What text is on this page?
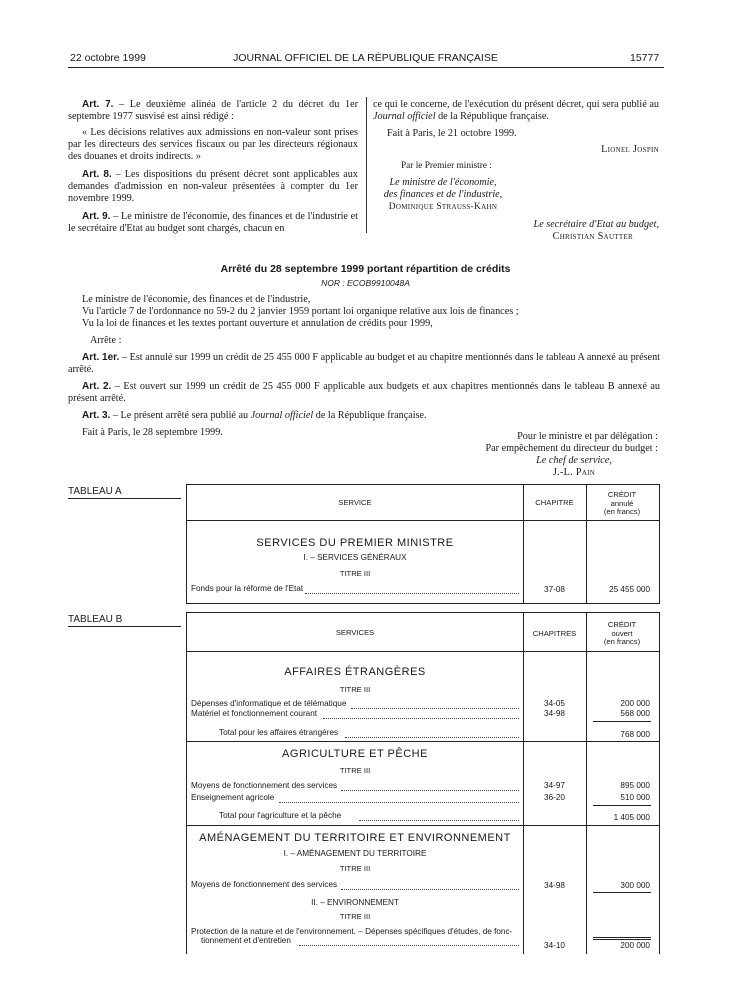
22 octobre 1999	JOURNAL OFFICIEL DE LA RÉPUBLIQUE FRANÇAISE	15777

Art. 7. – Le deuxième alinéa de l'article 2 du décret du 1er septembre 1977 susvisé est ainsi rédigé :

« Les décisions relatives aux admissions en non-valeur sont prises par les directeurs des services fiscaux ou par les directeurs régionaux des douanes et droits indirects. »

Art. 8. – Les dispositions du présent décret sont applicables aux demandes d'admission en non-valeur présentées à compter du 1er novembre 1999.

Art. 9. – Le ministre de l'économie, des finances et de l'industrie et le secrétaire d'Etat au budget sont chargés, chacun en

ce qui le concerne, de l'exécution du présent décret, qui sera publié au Journal officiel de la République française.

Fait à Paris, le 21 octobre 1999.

Lionel Jospin

Par le Premier ministre :

Le ministre de l'économie,

des finances et de l'industrie,

Dominique Strauss-Kahn

Le secrétaire d'Etat au budget,

Christian Sautter

Arrêté du 28 septembre 1999 portant répartition de crédits
NOR : ECOB9910048A

Le ministre de l'économie, des finances et de l'industrie,

Vu l'article 7 de l'ordonnance no 59-2 du 2 janvier 1959 portant loi organique relative aux lois de finances ;

Vu la loi de finances et les textes portant ouverture et annulation de crédits pour 1999,

Arrête :

Art. 1er. – Est annulé sur 1999 un crédit de 25 455 000 F applicable au budget et au chapitre mentionnés dans le tableau A annexé au présent arrêté.

Art. 2. – Est ouvert sur 1999 un crédit de 25 455 000 F applicable aux budgets et aux chapitres mentionnés dans le tableau B annexé au présent arrêté.

Art. 3. – Le présent arrêté sera publié au Journal officiel de la République française.

Fait à Paris, le 28 septembre 1999.	Pour le ministre et par délégation :

Par empêchement du directeur du budget :

Le chef de service,

J.-L. Pain

TABLEAU A
SERVICE	CHAPITRE
CRÉDIT
annulé
(en francs)
SERVICES DU PREMIER MINISTRE
I. – SERVICES GÉNÉRAUX
TITRE III
Fonds pour la réforme de l'Etat	37-08	25 455 000
TABLEAU B
SERVICES	CHAPITRES
CRÉDIT
ouvert
(en francs)
AFFAIRES ÉTRANGÈRES
TITRE III
Dépenses d'informatique et de télématique	34-05	200 000
Matériel et fonctionnement courant	34-98	568 000
Total pour les affaires étrangères	768 000
AGRICULTURE ET PÊCHE
TITRE III
Moyens de fonctionnement des services	34-97	895 000
Enseignement agricole	36-20	510 000
Total pour l'agriculture et la pêche	1 405 000
AMÉNAGEMENT DU TERRITOIRE ET ENVIRONNEMENT
I. – AMÉNAGEMENT DU TERRITOIRE
TITRE III
Moyens de fonctionnement des services	34-98	300 000
II. – ENVIRONNEMENT
TITRE III
Protection de la nature et de l'environnement. – Dépenses spécifiques d'études, de fonc-
tionnement et d'entretien
34-10	200 000
